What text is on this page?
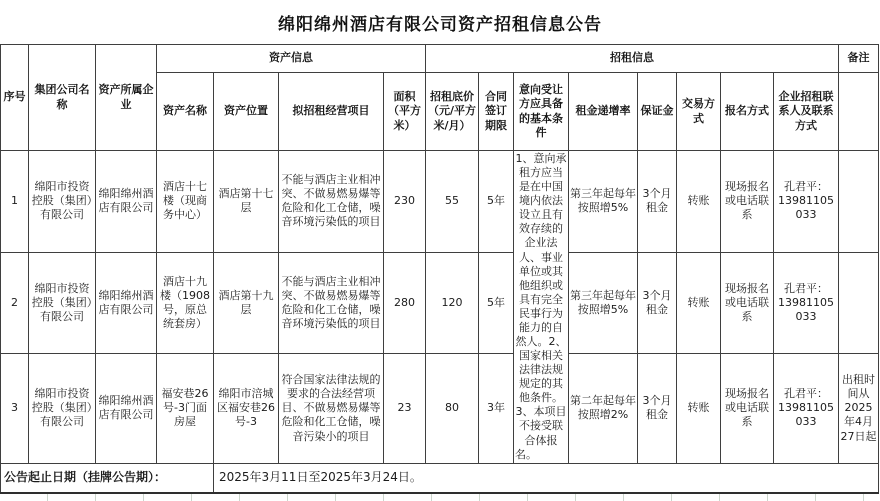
绵阳绵州酒店有限公司资产招租信息公告
序号	集团公司名称	资产所属企业	资产信息				招租信息								备注
			资产名称	资产位置	拟招租经营项目	面积（平方米）	招租底价（元/平方米/月）	合同签订期限	意向受让方应具备的基本条件	租金递增率	保证金	交易方式	报名方式	企业招租联系人及联系方式	
1	绵阳市投资控股（集团）有限公司	绵阳绵州酒店有限公司	酒店十七楼（现商务中心）	酒店第十七层	不能与酒店主业相冲突、不做易燃易爆等危险和化工仓储，噪音环境污染低的项目	230	55	5年	1、意向承租方应当是在中国境内依法设立且有效存续的企业法人、事业单位或其他组织或具有完全民事行为能力的自然人。2、国家相关法律法规规定的其他条件。3、本项目不接受联合体报名。	第三年起每年按照增5%	3个月租金	转账	现场报名或电话联系	孔君平：13981105033	
2	绵阳市投资控股（集团）有限公司	绵阳绵州酒店有限公司	酒店十九楼（1908号，原总统套房）	酒店第十九层	不能与酒店主业相冲突、不做易燃易爆等危险和化工仓储，噪音环境污染低的项目	280	120	5年		第三年起每年按照增5%	3个月租金	转账	现场报名或电话联系	孔君平：13981105033	
3	绵阳市投资控股（集团）有限公司	绵阳绵州酒店有限公司	福安巷26号-3门面房屋	绵阳市涪城区福安巷26号-3	符合国家法律法规的要求的合法经营项目、不做易燃易爆等危险和化工仓储，噪音污染小的项目	23	80	3年		第二年起每年按照增2%	3个月租金	转账	现场报名或电话联系	孔君平：13981105033	出租时间从2025年4月27日起
公告起止日期（挂牌公告期）：				2025年3月11日至2025年3月24日。											
